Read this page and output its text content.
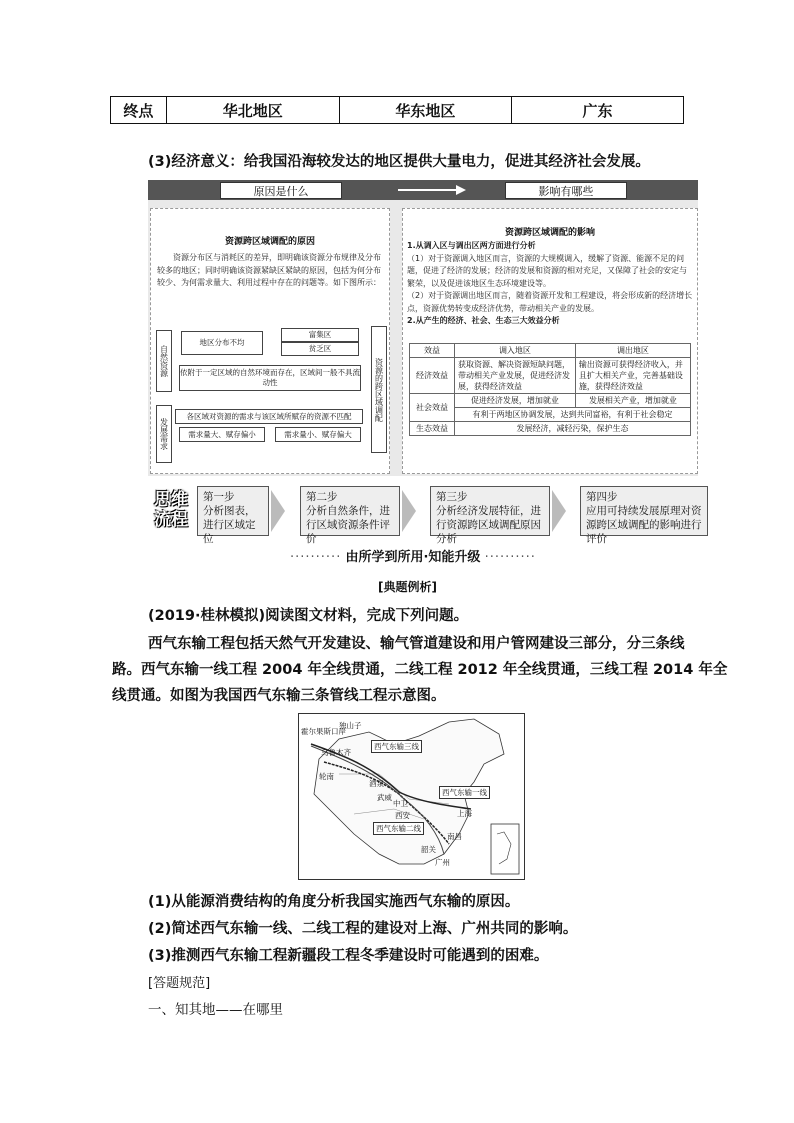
终点	华北地区	华东地区	广东
(3)经济意义：给我国沿海较发达的地区提供大量电力，促进其经济社会发展。
原因是什么	影响有哪些
资源跨区域调配的原因
资源分布区与消耗区的差异，即明确该资源分布规律及分布较多的地区；同时明确该资源紧缺区紧缺的原因，包括为何分布较少、为何需求量大、利用过程中存在的问题等。如下图所示：
自然资源
地区分布不均
富集区
贫乏区
依附于一定区域的自然环境而存在，区域间一般不具流动性
发展需求
各区域对资源的需求与该区域所赋存的资源不匹配
需求量大、赋存偏小	需求量小、赋存偏大
资源的跨区域调配
资源跨区域调配的影响
1.从调入区与调出区两方面进行分析
（1）对于资源调入地区而言，资源的大规模调入，缓解了资源、能源不足的问题，促进了经济的发展；经济的发展和资源的相对充足，又保障了社会的安定与繁荣，以及促进该地区生态环境建设等。
（2）对于资源调出地区而言，随着资源开发和工程建设，将会形成新的经济增长点，资源优势转变成经济优势，带动相关产业的发展。
2.从产生的经济、社会、生态三大效益分析
效益	调入地区	调出地区
经济效益	获取资源、解决资源短缺问题，带动相关产业发展，促进经济发展，获得经济效益	输出资源可获得经济收入，并且扩大相关产业，完善基础设施，获得经济效益
社会效益	促进经济发展，增加就业	发展相关产业，增加就业
	有利于两地区协调发展，达到共同富裕，有利于社会稳定	
生态效益	发展经济，减轻污染，保护生态	
思维流程
第一步
分析图表，进行区域定位
第二步
分析自然条件，进行区域资源条件评价
第三步
分析经济发展特征，进行资源跨区域调配原因分析
第四步
应用可持续发展原理对资源跨区域调配的影响进行评价
·········· 由所学到所用·知能升级 ··········
[典题例析]
(2019·桂林模拟)阅读图文材料，完成下列问题。
西气东输工程包括天然气开发建设、输气管道建设和用户管网建设三部分，分三条线
路。西气东输一线工程 2004 年全线贯通，二线工程 2012 年全线贯通，三线工程 2014 年全
线贯通。如图为我国西气东输三条管线工程示意图。
霍尔果斯口岸
独山子
乌鲁木齐
轮南
酒泉
武威
中卫
西安	上海
南昌
韶关
广州
西气东输三线
西气东输一线
西气东输二线
(1)从能源消费结构的角度分析我国实施西气东输的原因。
(2)简述西气东输一线、二线工程的建设对上海、广州共同的影响。
(3)推测西气东输工程新疆段工程冬季建设时可能遇到的困难。
[答题规范]
一、知其地——在哪里
